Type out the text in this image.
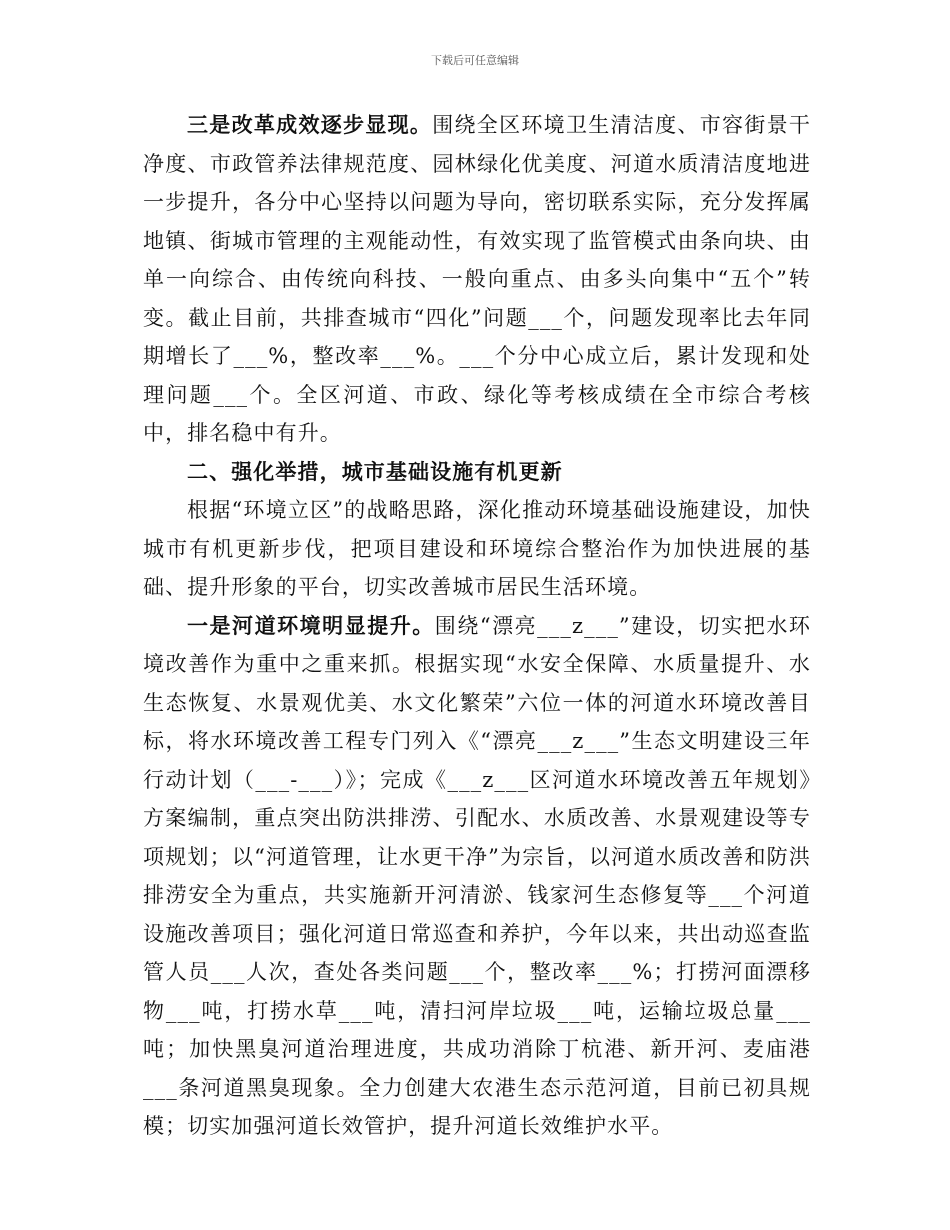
下载后可任意编辑

三是改革成效逐步显现。围绕全区环境卫生清洁度、市容街景干净度、市政管养法律规范度、园林绿化优美度、河道水质清洁度地进一步提升，各分中心坚持以问题为导向，密切联系实际，充分发挥属地镇、街城市管理的主观能动性，有效实现了监管模式由条向块、由单一向综合、由传统向科技、一般向重点、由多头向集中“五个”转变。截止目前，共排查城市“四化”问题___个，问题发现率比去年同期增长了___%，整改率___%。___个分中心成立后，累计发现和处理问题___个。全区河道、市政、绿化等考核成绩在全市综合考核中，排名稳中有升。

二、强化举措，城市基础设施有机更新

根据“环境立区”的战略思路，深化推动环境基础设施建设，加快城市有机更新步伐，把项目建设和环境综合整治作为加快进展的基础、提升形象的平台，切实改善城市居民生活环境。

一是河道环境明显提升。围绕“漂亮___z___”建设，切实把水环境改善作为重中之重来抓。根据实现“水安全保障、水质量提升、水生态恢复、水景观优美、水文化繁荣”六位一体的河道水环境改善目标，将水环境改善工程专门列入《“漂亮___z___”生态文明建设三年行动计划（___-___）》；完成《___z___区河道水环境改善五年规划》方案编制，重点突出防洪排涝、引配水、水质改善、水景观建设等专项规划；以“河道管理，让水更干净”为宗旨，以河道水质改善和防洪排涝安全为重点，共实施新开河清淤、钱家河生态修复等___个河道设施改善项目；强化河道日常巡查和养护，今年以来，共出动巡查监管人员___人次，查处各类问题___个，整改率___%；打捞河面漂移物___吨，打捞水草___吨，清扫河岸垃圾___吨，运输垃圾总量___吨；加快黑臭河道治理进度，共成功消除丁杭港、新开河、麦庙港___条河道黑臭现象。全力创建大农港生态示范河道，目前已初具规模；切实加强河道长效管护，提升河道长效维护水平。
